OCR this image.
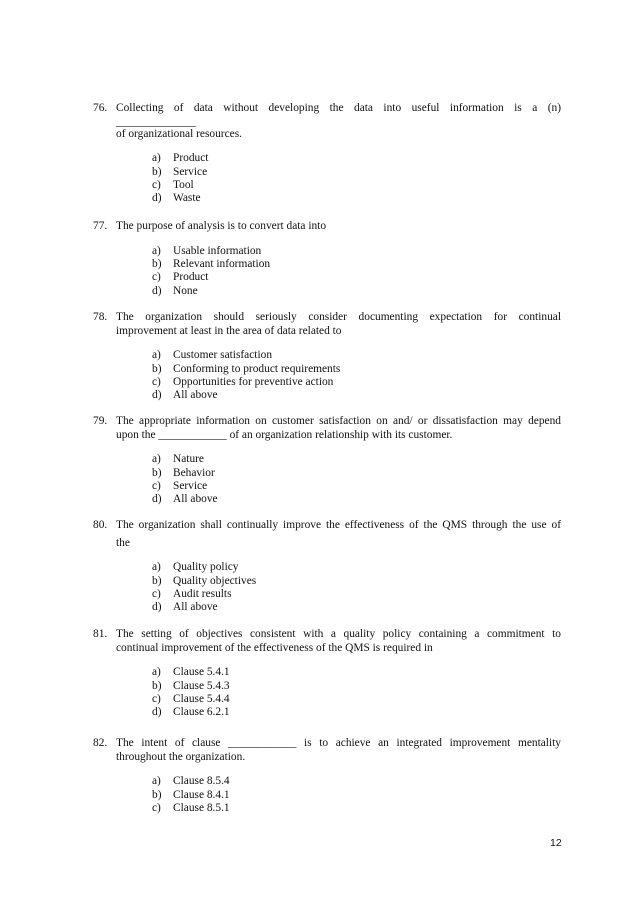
76. Collecting of data without developing the data into useful information is a (n)
______________
of organizational resources.
a)	Product
b)	Service
c)	Tool
d)	Waste
77. The purpose of analysis is to convert data into
a)	Usable information
b)	Relevant information
c)	Product
d)	None
78. The organization should seriously consider documenting expectation for continual
improvement at least in the area of data related to
a)	Customer satisfaction
b)	Conforming to product requirements
c)	Opportunities for preventive action
d)	All above
79. The appropriate information on customer satisfaction on and/ or dissatisfaction may depend
upon the ____________ of an organization relationship with its customer.
a)	Nature
b)	Behavior
c)	Service
d)	All above
80. The organization shall continually improve the effectiveness of the QMS through the use of
the
a)	Quality policy
b)	Quality objectives
c)	Audit results
d)	All above
81. The setting of objectives consistent with a quality policy containing a commitment to
continual improvement of the effectiveness of the QMS is required in
a)	Clause 5.4.1
b)	Clause 5.4.3
c)	Clause 5.4.4
d)	Clause 6.2.1
82. The intent of clause ____________ is to achieve an integrated improvement mentality
throughout the organization.
a)	Clause 8.5.4
b)	Clause 8.4.1
c)	Clause 8.5.1
12
